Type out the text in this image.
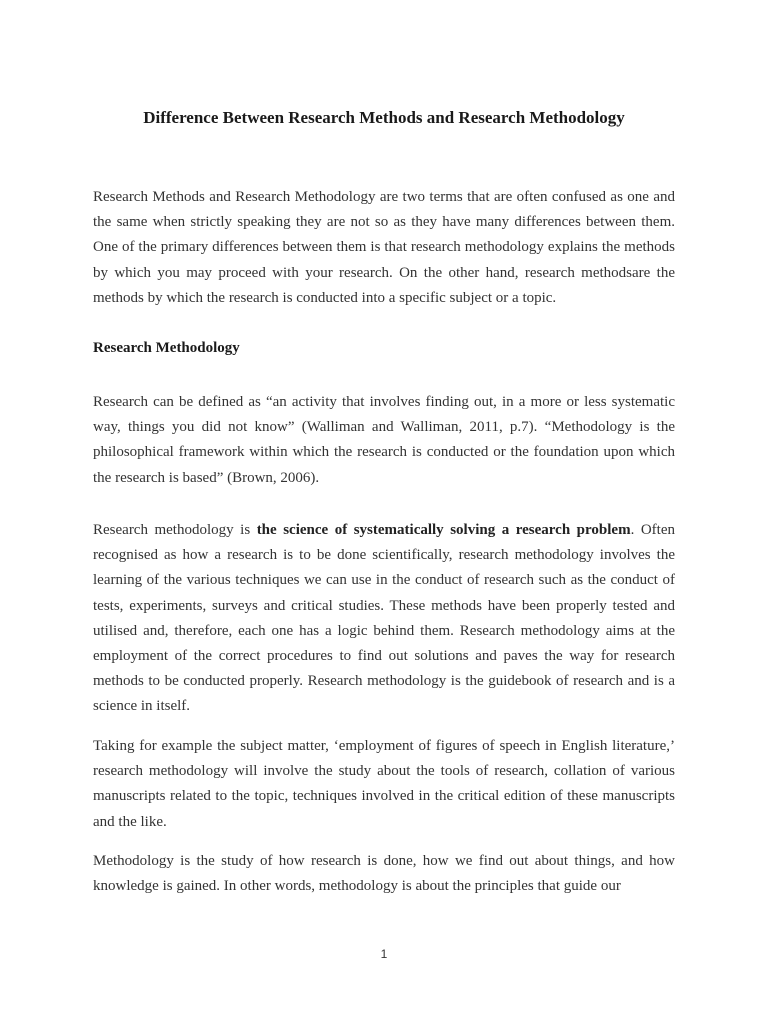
Difference Between Research Methods and Research Methodology

Research Methods and Research Methodology are two terms that are often confused as one and the same when strictly speaking they are not so as they have many differences between them. One of the primary differences between them is that research methodology explains the methods by which you may proceed with your research. On the other hand, research methodsare the methods by which the research is conducted into a specific subject or a topic.

Research Methodology

Research can be defined as “an activity that involves finding out, in a more or less systematic way, things you did not know” (Walliman and Walliman, 2011, p.7). “Methodology is the philosophical framework within which the research is conducted or the foundation upon which the research is based” (Brown, 2006).

Research methodology is the science of systematically solving a research problem. Often recognised as how a research is to be done scientifically, research methodology involves the learning of the various techniques we can use in the conduct of research such as the conduct of tests, experiments, surveys and critical studies. These methods have been properly tested and utilised and, therefore, each one has a logic behind them. Research methodology aims at the employment of the correct procedures to find out solutions and paves the way for research methods to be conducted properly. Research methodology is the guidebook of research and is a science in itself.

Taking for example the subject matter, ‘employment of figures of speech in English literature,’ research methodology will involve the study about the tools of research, collation of various manuscripts related to the topic, techniques involved in the critical edition of these manuscripts and the like.

Methodology is the study of how research is done, how we find out about things, and how knowledge is gained. In other words, methodology is about the principles that guide our

1
